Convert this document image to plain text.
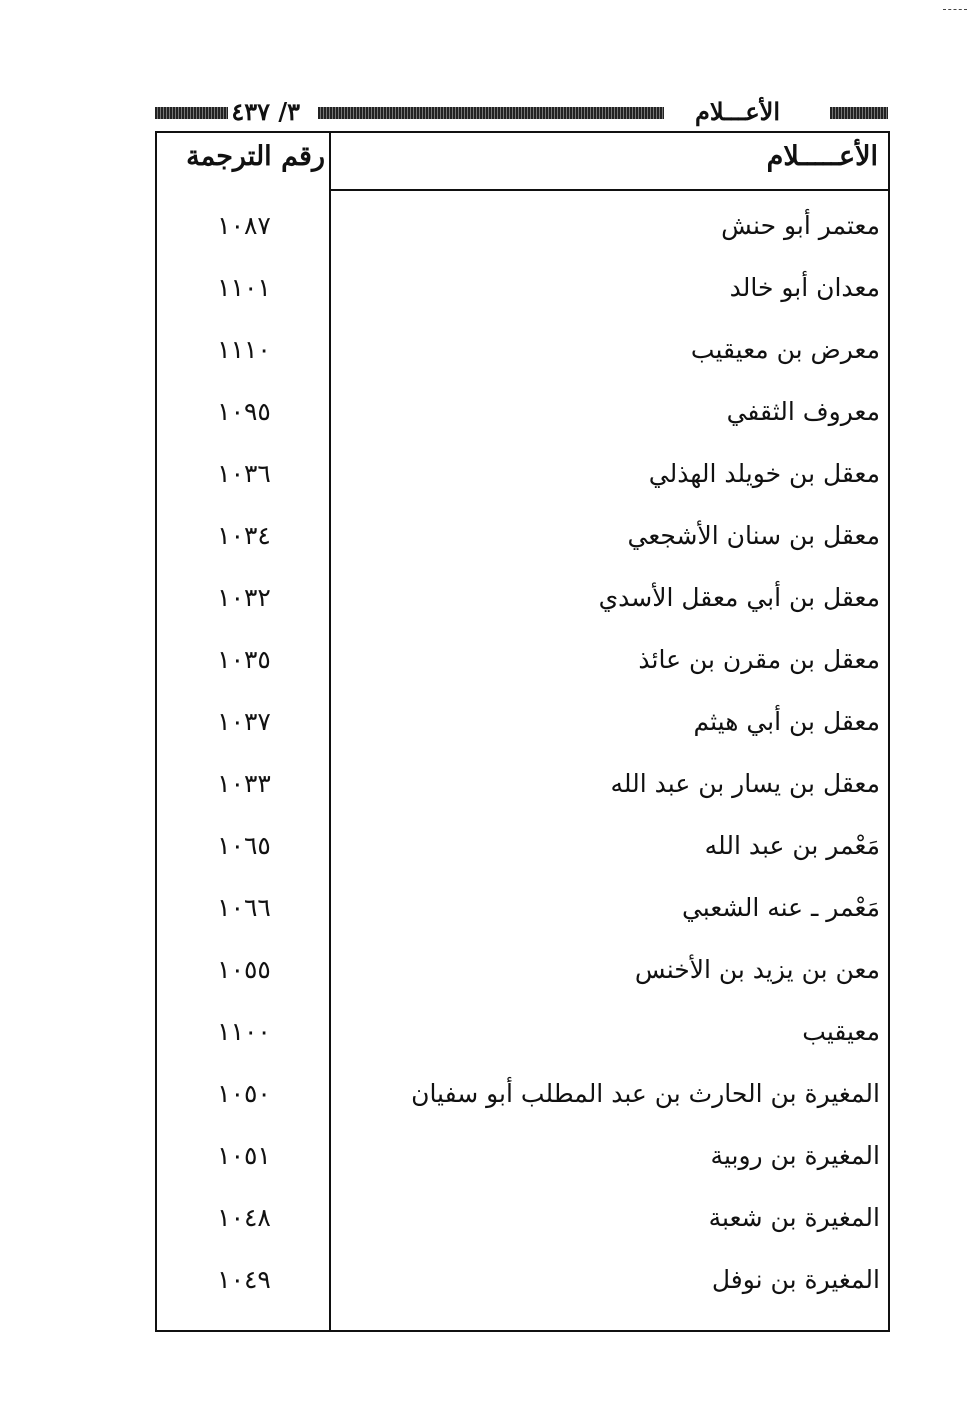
الأعـــلام
٣/ ٤٣٧
الأعـــــلام
رقم الترجمة
معتمر أبو حنش
١٠٨٧
معدان أبو خالد
١١٠١
معرض بن معيقيب
١١١٠
معروف الثقفي
١٠٩٥
معقل بن خويلد الهذلي
١٠٣٦
معقل بن سنان الأشجعي
١٠٣٤
معقل بن أبي معقل الأسدي
١٠٣٢
معقل بن مقرن بن عائذ
١٠٣٥
معقل بن أبي هيثم
١٠٣٧
معقل بن يسار بن عبد الله
١٠٣٣
مَعْمر بن عبد الله
١٠٦٥
مَعْمر ـ عنه الشعبي
١٠٦٦
معن بن يزيد بن الأخنس
١٠٥٥
معيقيب
١١٠٠
المغيرة بن الحارث بن عبد المطلب أبو سفيان
١٠٥٠
المغيرة بن روبية
١٠٥١
المغيرة بن شعبة
١٠٤٨
المغيرة بن نوفل
١٠٤٩
